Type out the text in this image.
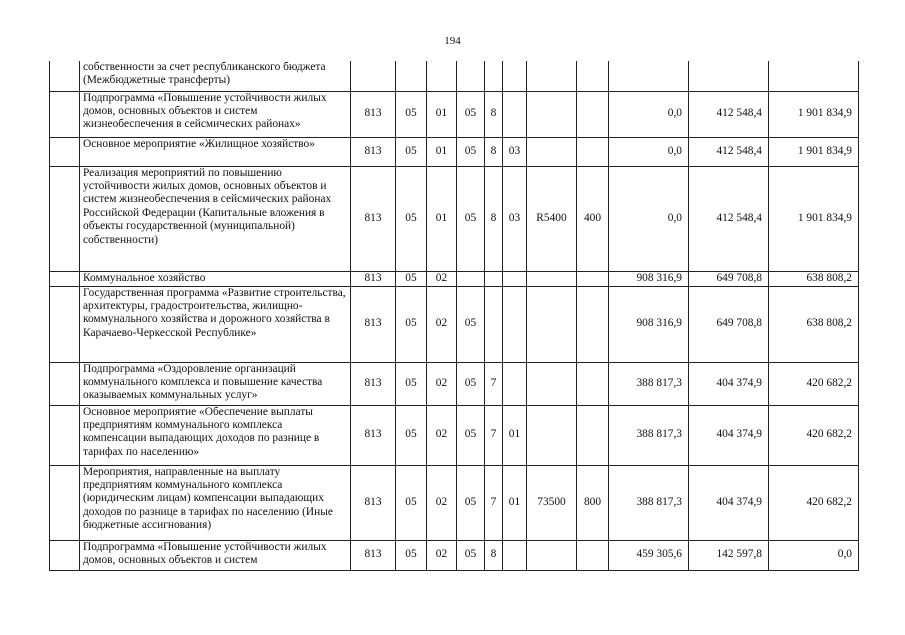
194
	собственности за счет республиканского бюджета (Межбюджетные трансферты)											
	Подпрограмма «Повышение устойчивости жилых домов, основных объектов и систем жизнеобеспечения в сейсмических районах»	813	05	01	05	8				0,0	412 548,4	1 901 834,9
	Основное мероприятие «Жилищное хозяйство»	813	05	01	05	8	03			0,0	412 548,4	1 901 834,9
	Реализация мероприятий по повышению устойчивости жилых домов, основных объектов и систем жизнеобеспечения в сейсмических районах Российской Федерации (Капитальные вложения в объекты государственной (муниципальной) собственности)	813	05	01	05	8	03	R5400	400	0,0	412 548,4	1 901 834,9
	Коммунальное хозяйство	813	05	02						908 316,9	649 708,8	638 808,2
	Государственная программа «Развитие строительства, архитектуры, градостроительства, жилищно-коммунального хозяйства и дорожного хозяйства в Карачаево-Черкесской Республике»	813	05	02	05					908 316,9	649 708,8	638 808,2
	Подпрограмма «Оздоровление организаций коммунального комплекса и повышение качества оказываемых коммунальных услуг»	813	05	02	05	7				388 817,3	404 374,9	420 682,2
	Основное мероприятие «Обеспечение выплаты предприятиям коммунального комплекса компенсации выпадающих доходов по разнице в тарифах по населению»	813	05	02	05	7	01			388 817,3	404 374,9	420 682,2
	Мероприятия, направленные на выплату предприятиям коммунального комплекса (юридическим лицам) компенсации выпадающих доходов по разнице в тарифах по населению (Иные бюджетные ассигнования)	813	05	02	05	7	01	73500	800	388 817,3	404 374,9	420 682,2
	Подпрограмма «Повышение устойчивости жилых домов, основных объектов и систем	813	05	02	05	8				459 305,6	142 597,8	0,0
